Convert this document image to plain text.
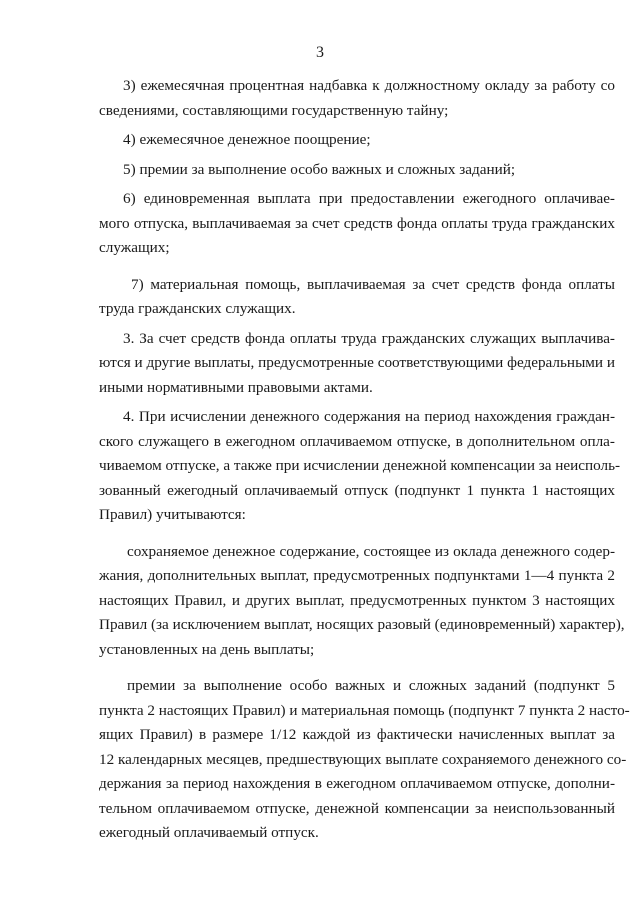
3
3) ежемесячная процентная надбавка к должностному окладу за работу со
сведениями, составляющими государственную тайну;
4) ежемесячное денежное поощрение;
5) премии за выполнение особо важных и сложных заданий;
6) единовременная выплата при предоставлении ежегодного оплачивае-
мого отпуска, выплачиваемая за счет средств фонда оплаты труда гражданских
служащих;
7) материальная помощь, выплачиваемая за счет средств фонда оплаты
труда гражданских служащих.
3. За счет средств фонда оплаты труда гражданских служащих выплачива-
ются и другие выплаты, предусмотренные соответствующими федеральными и
иными нормативными правовыми актами.
4. При исчислении денежного содержания на период нахождения граждан-
ского служащего в ежегодном оплачиваемом отпуске, в дополнительном опла-
чиваемом отпуске, а также при исчислении денежной компенсации за неисполь-
зованный ежегодный оплачиваемый отпуск (подпункт 1 пункта 1 настоящих
Правил) учитываются:
сохраняемое денежное содержание, состоящее из оклада денежного содер-
жания, дополнительных выплат, предусмотренных подпунктами 1—4 пункта 2
настоящих Правил, и других выплат, предусмотренных пунктом 3 настоящих
Правил (за исключением выплат, носящих разовый (единовременный) характер),
установленных на день выплаты;
премии за выполнение особо важных и сложных заданий (подпункт 5
пункта 2 настоящих Правил) и материальная помощь (подпункт 7 пункта 2 насто-
ящих Правил) в размере 1/12 каждой из фактически начисленных выплат за
12 календарных месяцев, предшествующих выплате сохраняемого денежного со-
держания за период нахождения в ежегодном оплачиваемом отпуске, дополни-
тельном оплачиваемом отпуске, денежной компенсации за неиспользованный
ежегодный оплачиваемый отпуск.
